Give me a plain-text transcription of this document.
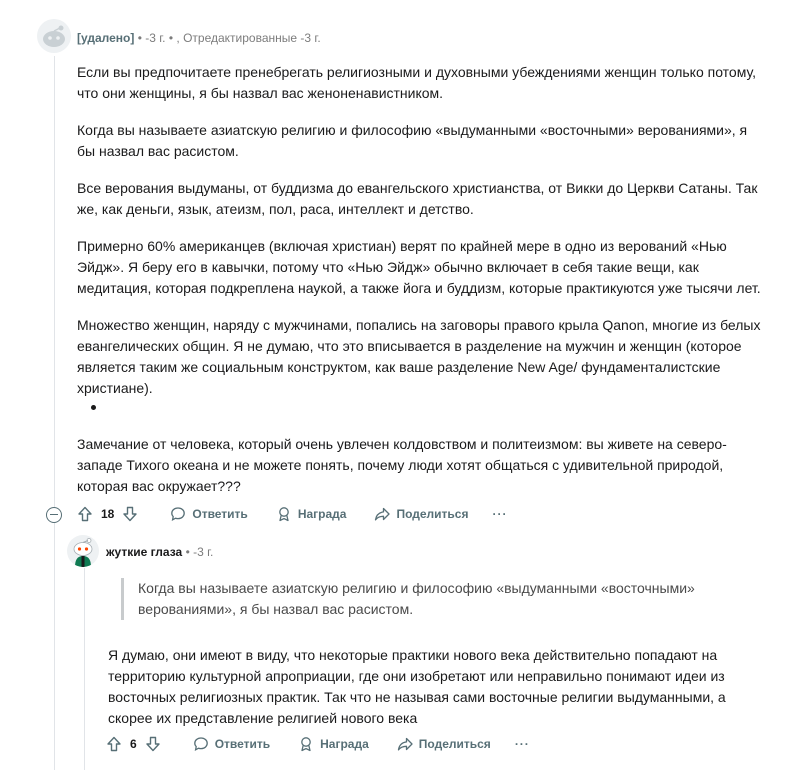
[удалено] • -3 г. • , Отредактированные -3 г.

Если вы предпочитаете пренебрегать религиозными и духовными убеждениями женщин только потому, что они женщины, я бы назвал вас женоненавистником.

Когда вы называете азиатскую религию и философию «выдуманными «восточными» верованиями», я бы назвал вас расистом.

Все верования выдуманы, от буддизма до евангельского христианства, от Викки до Церкви Сатаны. Так же, как деньги, язык, атеизм, пол, раса, интеллект и детство.

Примерно 60% американцев (включая христиан) верят по крайней мере в одно из верований «Нью Эйдж». Я беру его в кавычки, потому что «Нью Эйдж» обычно включает в себя такие вещи, как медитация, которая подкреплена наукой, а также йога и буддизм, которые практикуются уже тысячи лет.

Множество женщин, наряду с мужчинами, попались на заговоры правого крыла Qanon, многие из белых евангелических общин. Я не думаю, что это вписывается в разделение на мужчин и женщин (которое является таким же социальным конструктом, как ваше разделение New Age/ фундаменталистские христиане).

Замечание от человека, который очень увлечен колдовством и политеизмом: вы живете на северо-западе Тихого океана и не можете понять, почему люди хотят общаться с удивительной природой, которая вас окружает???

18	Ответить	Награда	Поделиться ···
жуткие глаза • -3 г.
Когда вы называете азиатскую религию и философию «выдуманными «восточными» верованиями», я бы назвал вас расистом.
Я думаю, они имеют в виду, что некоторые практики нового века действительно попадают на территорию культурной апроприации, где они изобретают или неправильно понимают идеи из восточных религиозных практик. Так что не называя сами восточные религии выдуманными, а скорее их представление религией нового века
6	Ответить	Награда	Поделиться ···
